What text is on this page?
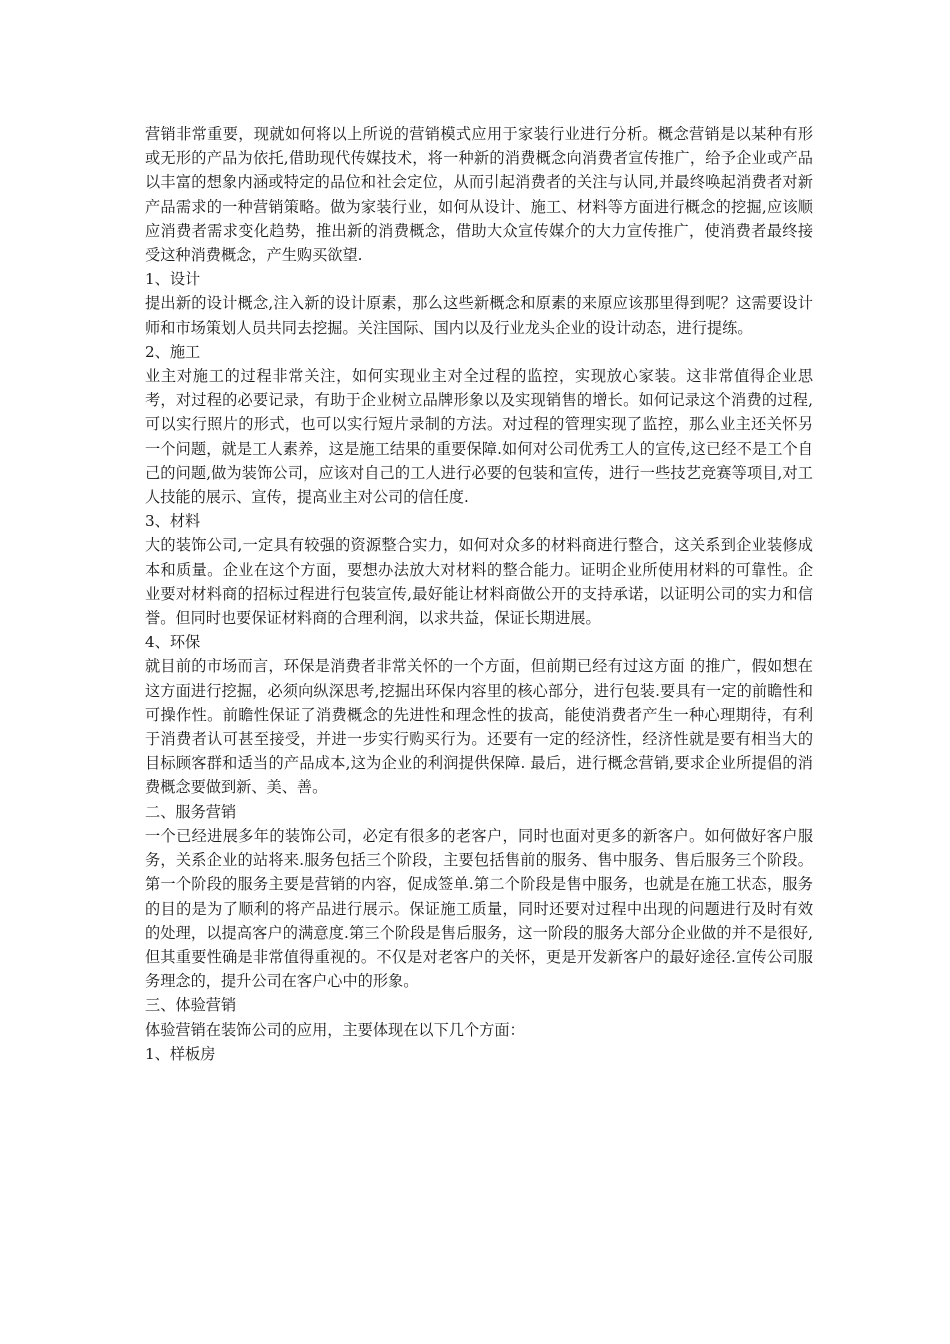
营销非常重要，现就如何将以上所说的营销模式应用于家装行业进行分析。概念营销是以某种有形或无形的产品为依托,借助现代传媒技术，将一种新的消费概念向消费者宣传推广，给予企业或产品以丰富的想象内涵或特定的品位和社会定位，从而引起消费者的关注与认同,并最终唤起消费者对新产品需求的一种营销策略。做为家装行业，如何从设计、施工、材料等方面进行概念的挖掘,应该顺应消费者需求变化趋势，推出新的消费概念，借助大众宣传媒介的大力宣传推广，使消费者最终接受这种消费概念，产生购买欲望.

1、设计

提出新的设计概念,注入新的设计原素，那么这些新概念和原素的来原应该那里得到呢？这需要设计师和市场策划人员共同去挖掘。关注国际、国内以及行业龙头企业的设计动态，进行提练。

2、施工

业主对施工的过程非常关注，如何实现业主对全过程的监控，实现放心家装。这非常值得企业思考，对过程的必要记录，有助于企业树立品牌形象以及实现销售的增长。如何记录这个消费的过程,可以实行照片的形式，也可以实行短片录制的方法。对过程的管理实现了监控，那么业主还关怀另一个问题，就是工人素养，这是施工结果的重要保障.如何对公司优秀工人的宣传,这已经不是工个自己的问题,做为装饰公司，应该对自己的工人进行必要的包装和宣传，进行一些技艺竞赛等项目,对工人技能的展示、宣传，提高业主对公司的信任度.

3、材料

大的装饰公司,一定具有较强的资源整合实力，如何对众多的材料商进行整合，这关系到企业装修成本和质量。企业在这个方面，要想办法放大对材料的整合能力。证明企业所使用材料的可靠性。企业要对材料商的招标过程进行包装宣传,最好能让材料商做公开的支持承诺，以证明公司的实力和信誉。但同时也要保证材料商的合理利润，以求共益，保证长期进展。

4、环保

就目前的市场而言，环保是消费者非常关怀的一个方面，但前期已经有过这方面 的推广，假如想在这方面进行挖掘，必须向纵深思考,挖掘出环保内容里的核心部分，进行包装.要具有一定的前瞻性和可操作性。前瞻性保证了消费概念的先进性和理念性的拔高，能使消费者产生一种心理期待，有利于消费者认可甚至接受，并进一步实行购买行为。还要有一定的经济性，经济性就是要有相当大的目标顾客群和适当的产品成本,这为企业的利润提供保障. 最后，进行概念营销,要求企业所提倡的消费概念要做到新、美、善。

二、服务营销

一个已经进展多年的装饰公司，必定有很多的老客户，同时也面对更多的新客户。如何做好客户服务，关系企业的站将来.服务包括三个阶段，主要包括售前的服务、售中服务、售后服务三个阶段。第一个阶段的服务主要是营销的内容，促成签单.第二个阶段是售中服务，也就是在施工状态，服务的目的是为了顺利的将产品进行展示。保证施工质量，同时还要对过程中出现的问题进行及时有效的处理，以提高客户的满意度.第三个阶段是售后服务，这一阶段的服务大部分企业做的并不是很好,但其重要性确是非常值得重视的。不仅是对老客户的关怀，更是开发新客户的最好途径.宣传公司服务理念的，提升公司在客户心中的形象。

三、体验营销

体验营销在装饰公司的应用，主要体现在以下几个方面：

1、样板房
